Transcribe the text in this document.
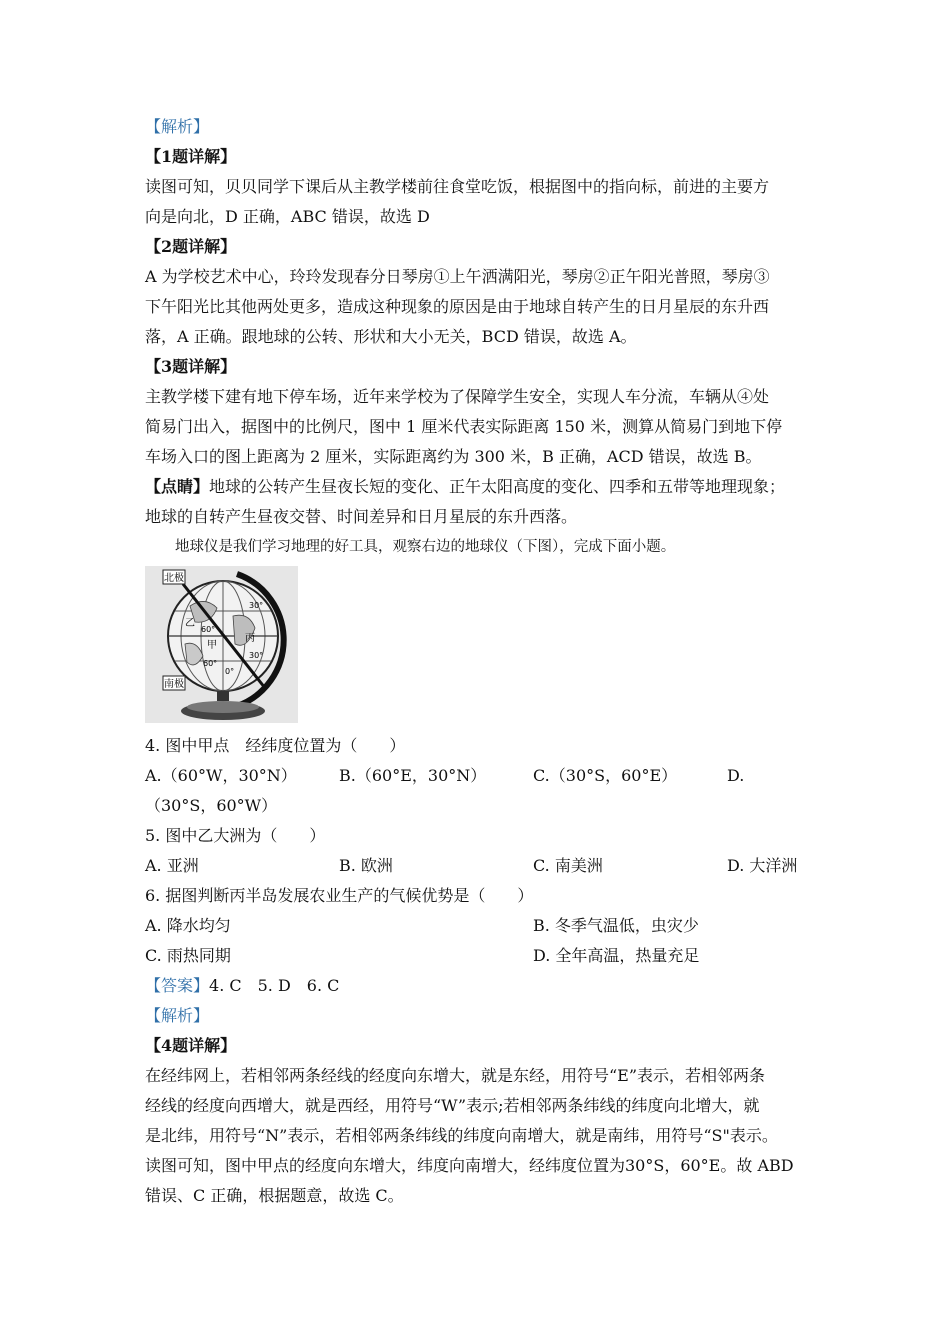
【解析】
【1题详解】
读图可知，贝贝同学下课后从主教学楼前往食堂吃饭，根据图中的指向标，前进的主要方
向是向北，D 正确，ABC 错误，故选 D
【2题详解】
A 为学校艺术中心，玲玲发现春分日琴房①上午洒满阳光，琴房②正午阳光普照，琴房③
下午阳光比其他两处更多，造成这种现象的原因是由于地球自转产生的日月星辰的东升西
落，A 正确。跟地球的公转、形状和大小无关，BCD 错误，故选 A。
【3题详解】
主教学楼下建有地下停车场，近年来学校为了保障学生安全，实现人车分流，车辆从④处
简易门出入，据图中的比例尺，图中 1 厘米代表实际距离 150 米，测算从简易门到地下停
车场入口的图上距离为 2 厘米，实际距离约为 300 米，B 正确，ACD 错误，故选 B。
【点睛】地球的公转产生昼夜长短的变化、正午太阳高度的变化、四季和五带等地理现象；
地球的自转产生昼夜交替、时间差异和日月星辰的东升西落。
地球仪是我们学习地理的好工具，观察右边的地球仪（下图），完成下面小题。
北极
南极
甲
乙
丙
30°
60°
30°
60°
0°
4. 图中甲点　经纬度位置为（　　）
A.（60°W，30°N）	B.（60°E，30°N）	C.（30°S，60°E）	D.
（30°S，60°W）
5. 图中乙大洲为（　　）
A. 亚洲	B. 欧洲	C. 南美洲	D. 大洋洲
6. 据图判断丙半岛发展农业生产的气候优势是（　　）
A. 降水均匀	B. 冬季气温低，虫灾少
C. 雨热同期	D. 全年高温，热量充足
【答案】4. C　5. D　6. C
【解析】
【4题详解】
在经纬网上，若相邻两条经线的经度向东增大，就是东经，用符号“E”表示，若相邻两条
经线的经度向西增大，就是西经，用符号“W”表示;若相邻两条纬线的纬度向北增大，就
是北纬，用符号“N”表示，若相邻两条纬线的纬度向南增大，就是南纬，用符号“S"表示。
读图可知，图中甲点的经度向东增大，纬度向南增大，经纬度位置为30°S，60°E。故 ABD
错误、C 正确，根据题意，故选 C。
